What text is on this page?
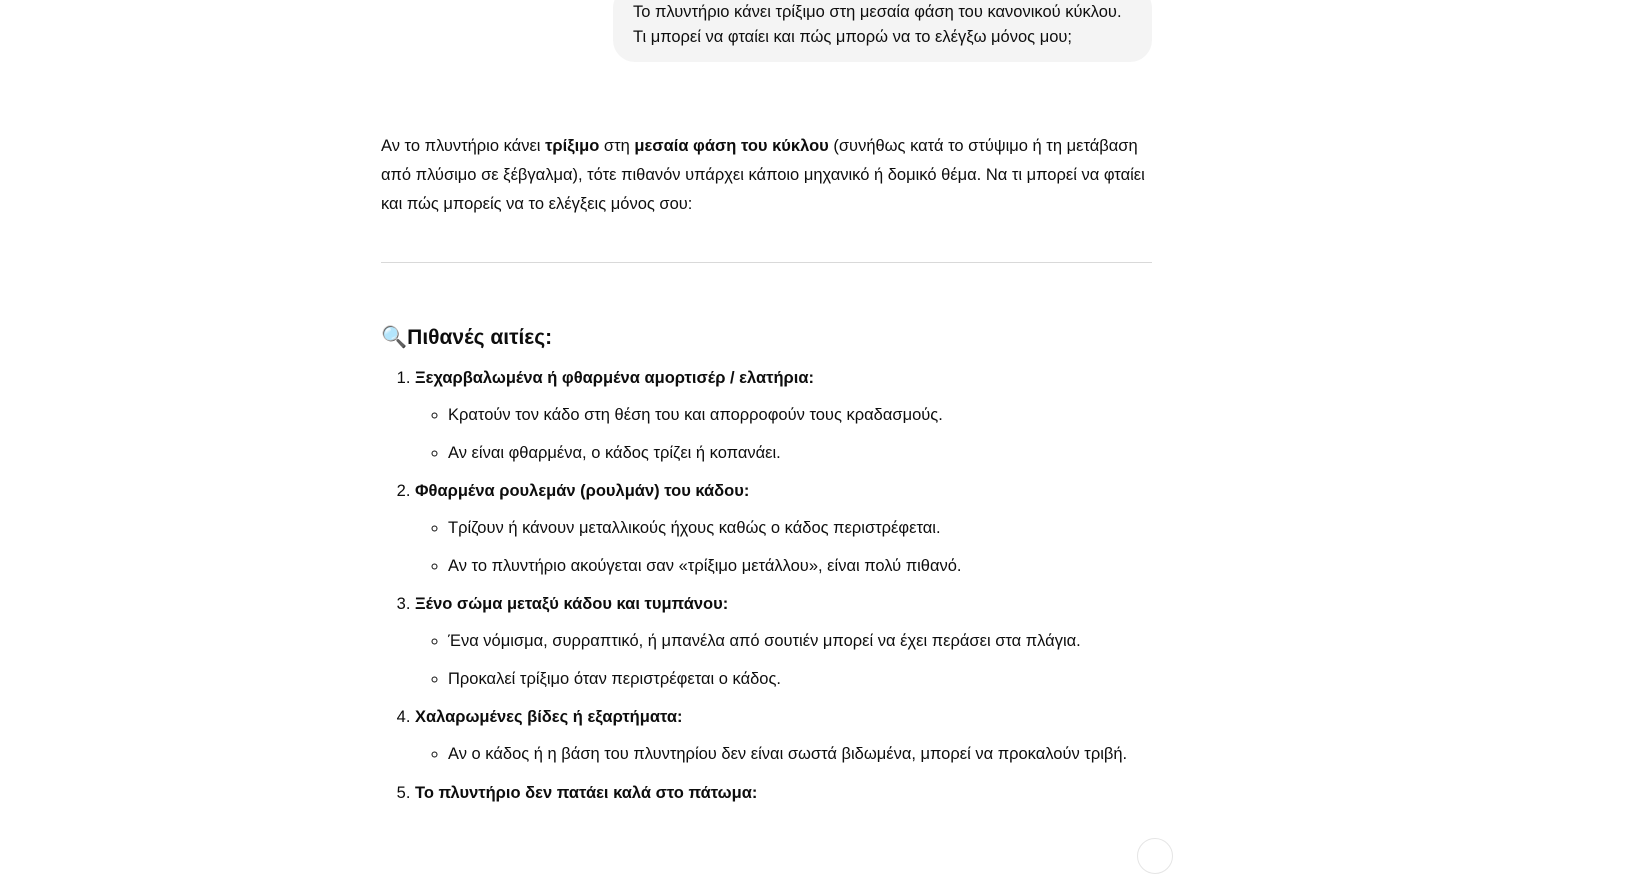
Το πλυντήριο κάνει τρίξιμο στη μεσαία φάση του κανονικού κύκλου. Τι μπορεί να φταίει και πώς μπορώ να το ελέγξω μόνος μου;

Αν το πλυντήριο κάνει τρίξιμο στη μεσαία φάση του κύκλου (συνήθως κατά το στύψιμο ή τη μετάβαση από πλύσιμο σε ξέβγαλμα), τότε πιθανόν υπάρχει κάποιο μηχανικό ή δομικό θέμα. Να τι μπορεί να φταίει και πώς μπορείς να το ελέγξεις μόνος σου:

🔍Πιθανές αιτίες:
1. Ξεχαρβαλωμένα ή φθαρμένα αμορτισέρ / ελατήρια:
◦ Κρατούν τον κάδο στη θέση του και απορροφούν τους κραδασμούς.
◦ Αν είναι φθαρμένα, ο κάδος τρίζει ή κοπανάει.
2. Φθαρμένα ρουλεμάν (ρουλμάν) του κάδου:
◦ Τρίζουν ή κάνουν μεταλλικούς ήχους καθώς ο κάδος περιστρέφεται.
◦ Αν το πλυντήριο ακούγεται σαν «τρίξιμο μετάλλου», είναι πολύ πιθανό.
3. Ξένο σώμα μεταξύ κάδου και τυμπάνου:
◦ Ένα νόμισμα, συρραπτικό, ή μπανέλα από σουτιέν μπορεί να έχει περάσει στα πλάγια.
◦ Προκαλεί τρίξιμο όταν περιστρέφεται ο κάδος.
4. Χαλαρωμένες βίδες ή εξαρτήματα:
◦ Αν ο κάδος ή η βάση του πλυντηρίου δεν είναι σωστά βιδωμένα, μπορεί να προκαλούν τριβή.
5. Το πλυντήριο δεν πατάει καλά στο πάτωμα:
